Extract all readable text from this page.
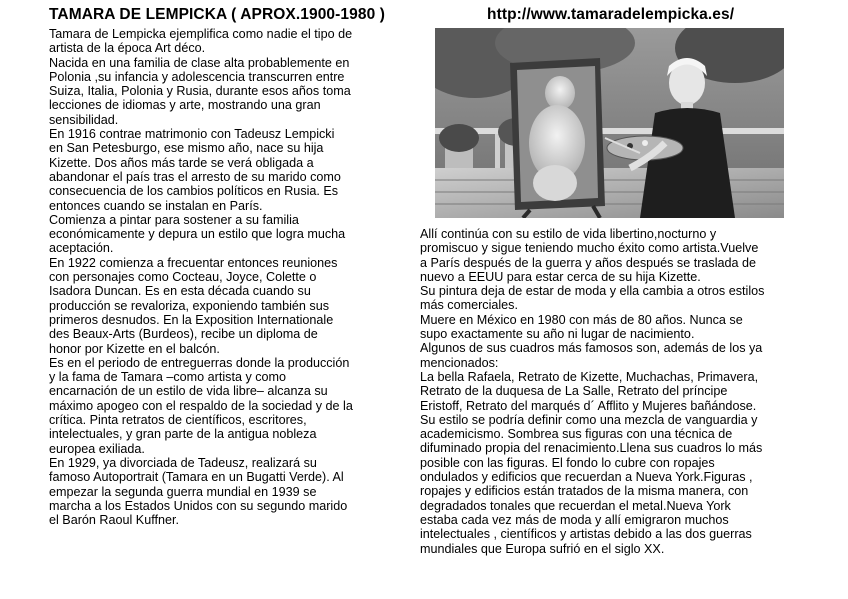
TAMARA DE LEMPICKA ( APROX.1900-1980 )	http://www.tamaradelempicka.es/

Tamara de Lempicka ejemplifica como nadie el tipo de

artista de la época Art déco.

Nacida en una familia de clase alta probablemente en

Polonia ,su infancia y adolescencia transcurren entre

Suiza, Italia, Polonia y Rusia, durante esos años toma

lecciones de idiomas y arte, mostrando una gran

sensibilidad.

En 1916 contrae matrimonio con Tadeusz Lempicki

en San Petesburgo, ese mismo año, nace su hija

Kizette. Dos años más tarde se verá obligada a

abandonar el país tras el arresto de su marido como

consecuencia de los cambios políticos en Rusia. Es

entonces cuando se instalan en París.

Comienza a pintar para sostener a su familia

económicamente y depura un estilo que logra mucha

aceptación.

En 1922 comienza a frecuentar entonces reuniones

con personajes como Cocteau, Joyce, Colette o

Isadora Duncan. Es en esta década cuando su

producción se revaloriza, exponiendo también sus

primeros desnudos. En la Exposition Internationale

des Beaux-Arts (Burdeos), recibe un diploma de

honor por Kizette en el balcón.

Es en el periodo de entreguerras donde la producción

y la fama de Tamara –como artista y como

encarnación de un estilo de vida libre– alcanza su

máximo apogeo con el respaldo de la sociedad y de la

crítica. Pinta retratos de científicos, escritores,

intelectuales, y gran parte de la antigua nobleza

europea exiliada.

En 1929, ya divorciada de Tadeusz, realizará su

famoso Autoportrait (Tamara en un Bugatti Verde). Al

empezar la segunda guerra mundial en 1939 se

marcha a los Estados Unidos con su segundo marido

el Barón Raoul Kuffner.

Allí continúa con su estilo de vida libertino,nocturno y

promiscuo y sigue teniendo mucho éxito como artista.Vuelve

a París después de la guerra y años después se traslada de

nuevo a EEUU para estar cerca de su hija Kizette.

Su pintura deja de estar de moda y ella cambia a otros estilos

más comerciales.

Muere en México en 1980 con más de 80 años. Nunca se

supo exactamente su año ni lugar de nacimiento.

Algunos de sus cuadros más famosos son, además de los ya

mencionados:

La bella Rafaela, Retrato de Kizette, Muchachas, Primavera,

Retrato de la duquesa de La Salle, Retrato del príncipe

Eristoff, Retrato del marqués d´ Afflito y Mujeres bañándose.

Su estilo se podría definir como una mezcla de vanguardia y

academicismo. Sombrea sus figuras con una técnica de

difuminado propia del renacimiento.Llena sus cuadros lo más

posible con las figuras. El fondo lo cubre con ropajes

ondulados y edificios que recuerdan a Nueva York.Figuras ,

ropajes y edificios están tratados de la misma manera, con

degradados tonales que recuerdan el metal.Nueva York

estaba cada vez más de moda y allí emigraron muchos

intelectuales , científicos y artistas debido a las dos guerras

mundiales que Europa sufrió en el siglo XX.
